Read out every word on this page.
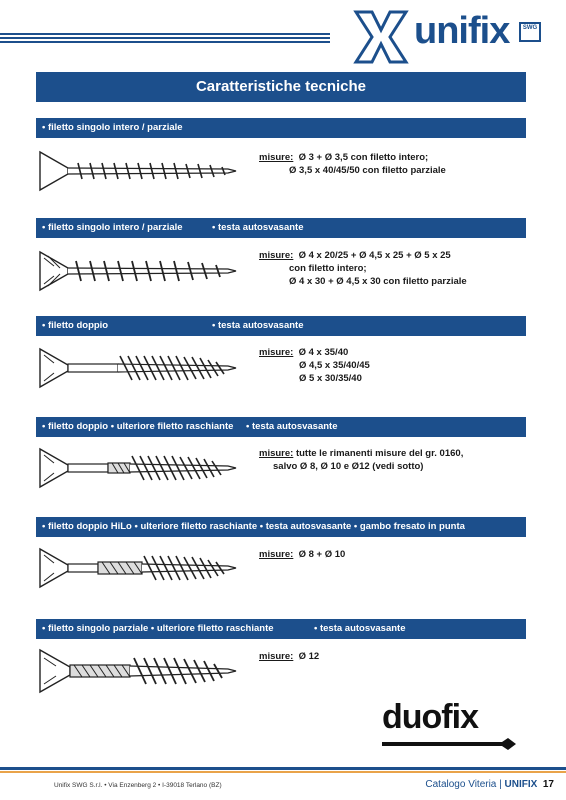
unifix	SWG
Caratteristiche tecniche
• filetto singolo intero / parziale
misure: Ø 3 + Ø 3,5 con filetto intero;
Ø 3,5 x 40/45/50 con filetto parziale
• filetto singolo intero / parziale	• testa autosvasante
misure: Ø 4 x 20/25 + Ø 4,5 x 25 + Ø 5 x 25
con filetto intero;
Ø 4 x 30 + Ø 4,5 x 30 con filetto parziale
• filetto doppio	• testa autosvasante
misure: Ø 4 x 35/40
Ø 4,5 x 35/40/45
Ø 5 x 30/35/40
• filetto doppio • ulteriore filetto raschiante • testa autosvasante
misure: tutte le rimanenti misure del gr. 0160,
salvo Ø 8, Ø 10 e Ø12 (vedi sotto)
• filetto doppio HiLo • ulteriore filetto raschiante • testa autosvasante • gambo fresato in punta
misure: Ø 8 + Ø 10
• filetto singolo parziale • ulteriore filetto raschiante	• testa autosvasante
misure: Ø 12
duofix
Unifix SWG S.r.l. • Via Enzenberg 2 • I-39018 Terlano (BZ)	Catalogo Viteria | UNIFIX 17
